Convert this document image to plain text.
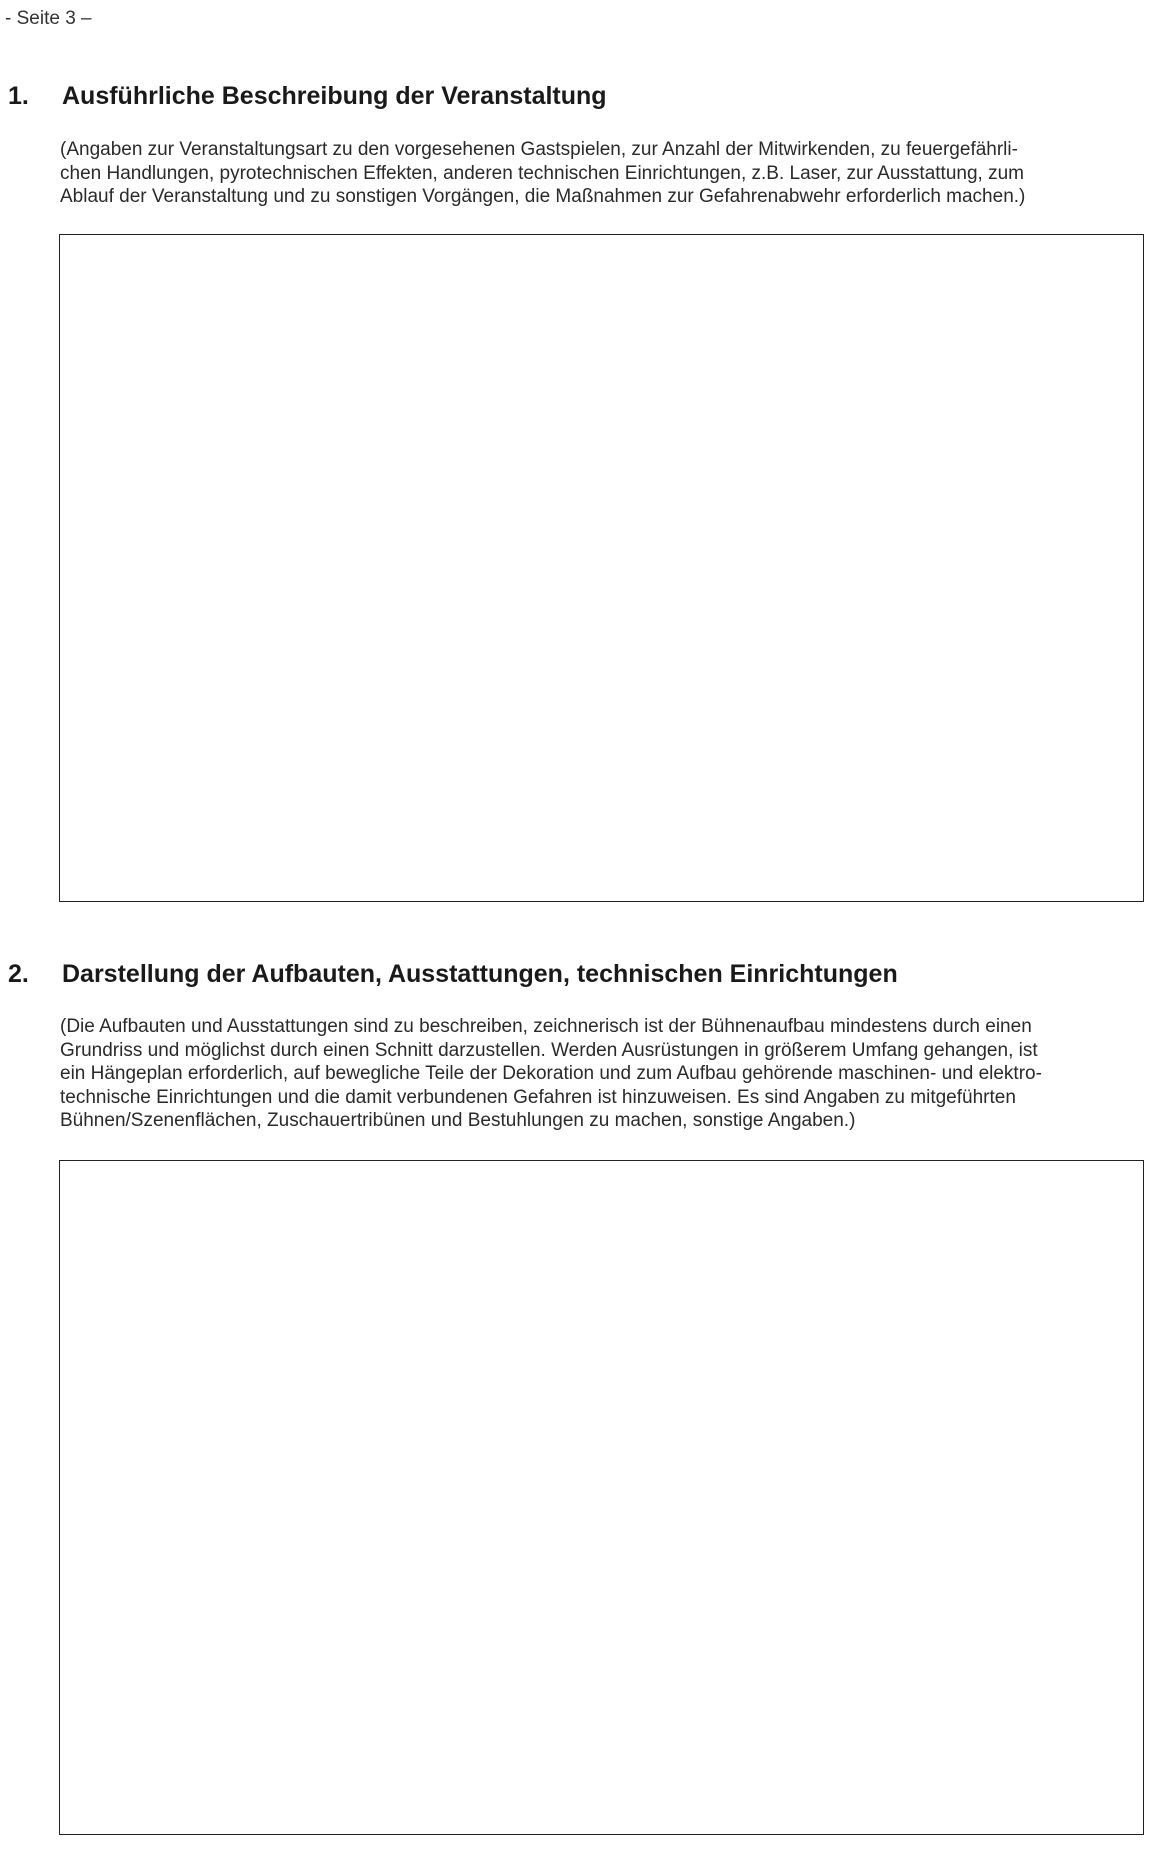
- Seite 3 –
1. Ausführliche Beschreibung der Veranstaltung
(Angaben zur Veranstaltungsart zu den vorgesehenen Gastspielen, zur Anzahl der Mitwirkenden, zu feuergefährli-
chen Handlungen, pyrotechnischen Effekten, anderen technischen Einrichtungen, z.B. Laser, zur Ausstattung, zum
Ablauf der Veranstaltung und zu sonstigen Vorgängen, die Maßnahmen zur Gefahrenabwehr erforderlich machen.)
2. Darstellung der Aufbauten, Ausstattungen, technischen Einrichtungen
(Die Aufbauten und Ausstattungen sind zu beschreiben, zeichnerisch ist der Bühnenaufbau mindestens durch einen
Grundriss und möglichst durch einen Schnitt darzustellen. Werden Ausrüstungen in größerem Umfang gehangen, ist
ein Hängeplan erforderlich, auf bewegliche Teile der Dekoration und zum Aufbau gehörende maschinen- und elektro-
technische Einrichtungen und die damit verbundenen Gefahren ist hinzuweisen. Es sind Angaben zu mitgeführten
Bühnen/Szenenflächen, Zuschauertribünen und Bestuhlungen zu machen, sonstige Angaben.)
